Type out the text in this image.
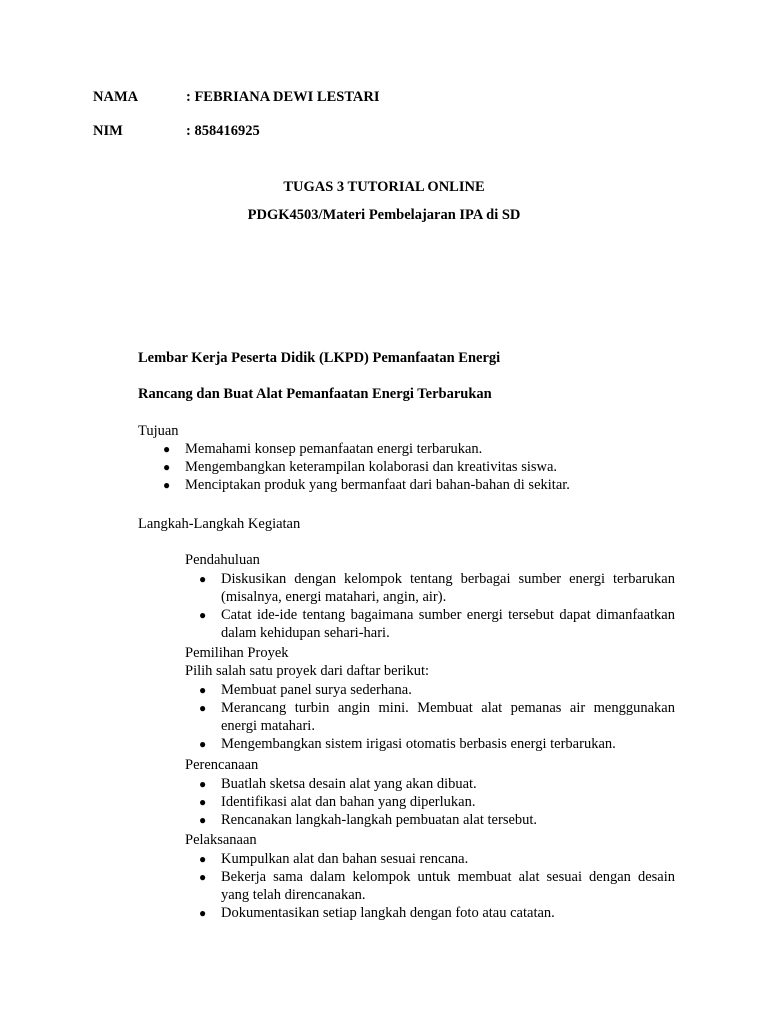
NAMA	: FEBRIANA DEWI LESTARI
NIM	: 858416925
TUGAS 3 TUTORIAL ONLINE
PDGK4503/Materi Pembelajaran IPA di SD
Lembar Kerja Peserta Didik (LKPD) Pemanfaatan Energi
Rancang dan Buat Alat Pemanfaatan Energi Terbarukan
Tujuan
● Memahami konsep pemanfaatan energi terbarukan.
● Mengembangkan keterampilan kolaborasi dan kreativitas siswa.
● Menciptakan produk yang bermanfaat dari bahan-bahan di sekitar.
Langkah-Langkah Kegiatan
Pendahuluan
● Diskusikan dengan kelompok tentang berbagai sumber energi terbarukan (misalnya, energi matahari, angin, air).
● Catat ide-ide tentang bagaimana sumber energi tersebut dapat dimanfaatkan dalam kehidupan sehari-hari.
Pemilihan Proyek
Pilih salah satu proyek dari daftar berikut:
● Membuat panel surya sederhana.
● Merancang turbin angin mini. Membuat alat pemanas air menggunakan energi matahari.
● Mengembangkan sistem irigasi otomatis berbasis energi terbarukan.
Perencanaan
● Buatlah sketsa desain alat yang akan dibuat.
● Identifikasi alat dan bahan yang diperlukan.
● Rencanakan langkah-langkah pembuatan alat tersebut.
Pelaksanaan
● Kumpulkan alat dan bahan sesuai rencana.
● Bekerja sama dalam kelompok untuk membuat alat sesuai dengan desain yang telah direncanakan.
● Dokumentasikan setiap langkah dengan foto atau catatan.
